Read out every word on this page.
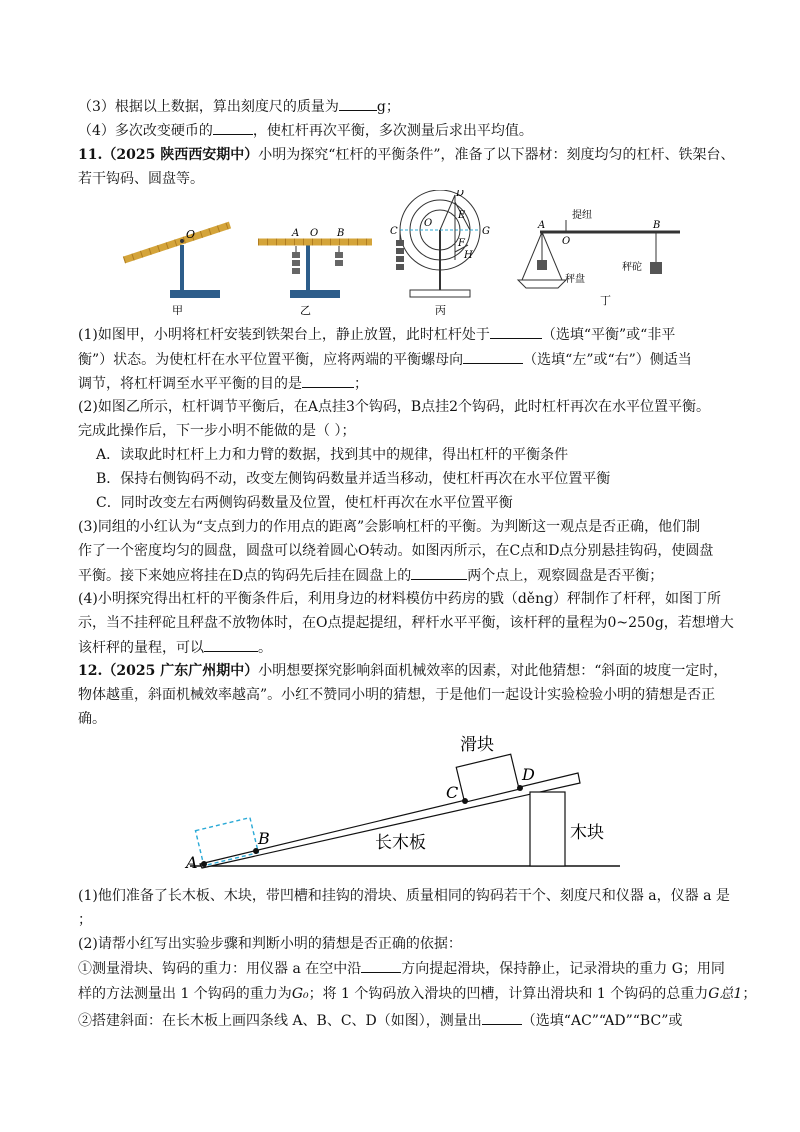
（3）根据以上数据，算出刻度尺的质量为	g；
（4）多次改变硬币的	，使杠杆再次平衡，多次测量后求出平均值。
11.（2025 陕西西安期中）小明为探究“杠杆的平衡条件”，准备了以下器材：刻度均匀的杠杆、铁架台、
若干钩码、圆盘等。
O
甲
A O B
乙
O
C
D
E
G
F
H
丙
提纽
A
O
B
秤盘
秤砣
丁
(1)如图甲，小明将杠杆安装到铁架台上，静止放置，此时杠杆处于	（选填“平衡”或“非平
衡”）状态。为使杠杆在水平位置平衡，应将两端的平衡螺母向	（选填“左”或“右”）侧适当
调节，将杠杆调至水平平衡的目的是	；
(2)如图乙所示，杠杆调节平衡后，在A点挂3个钩码，B点挂2个钩码，此时杠杆再次在水平位置平衡。
完成此操作后，下一步小明不能做的是（ ）；
A．读取此时杠杆上力和力臂的数据，找到其中的规律，得出杠杆的平衡条件
B．保持右侧钩码不动，改变左侧钩码数量并适当移动，使杠杆再次在水平位置平衡
C．同时改变左右两侧钩码数量及位置，使杠杆再次在水平位置平衡
(3)同组的小红认为“支点到力的作用点的距离”会影响杠杆的平衡。为判断这一观点是否正确，他们制
作了一个密度均匀的圆盘，圆盘可以绕着圆心O转动。如图丙所示，在C点和D点分别悬挂钩码，使圆盘
平衡。接下来她应将挂在D点的钩码先后挂在圆盘上的	两个点上，观察圆盘是否平衡；
(4)小明探究得出杠杆的平衡条件后，利用身边的材料模仿中药房的戥（děng）秤制作了杆秤，如图丁所
示，当不挂秤砣且秤盘不放物体时，在O点提起提纽，秤杆水平平衡，该杆秤的量程为0~250g，若想增大
该杆秤的量程，可以	。
12.（2025 广东广州期中）小明想要探究影响斜面机械效率的因素，对此他猜想：“斜面的坡度一定时，
物体越重，斜面机械效率越高”。小红不赞同小明的猜想，于是他们一起设计实验检验小明的猜想是否正
确。
木块
长木板
滑块
A
B
C
D
(1)他们准备了长木板、木块，带凹槽和挂钩的滑块、质量相同的钩码若干个、刻度尺和仪器 a，仪器 a 是
；
(2)请帮小红写出实验步骤和判断小明的猜想是否正确的依据：
①测量滑块、钩码的重力：用仪器 a 在空中沿	方向提起滑块，保持静止，记录滑块的重力 G；用同
样的方法测量出 1 个钩码的重力为G₀；将 1 个钩码放入滑块的凹槽，计算出滑块和 1 个钩码的总重力G总1；
②搭建斜面：在长木板上画四条线 A、B、C、D（如图），测量出	（选填“AC”“AD”“BC”或
